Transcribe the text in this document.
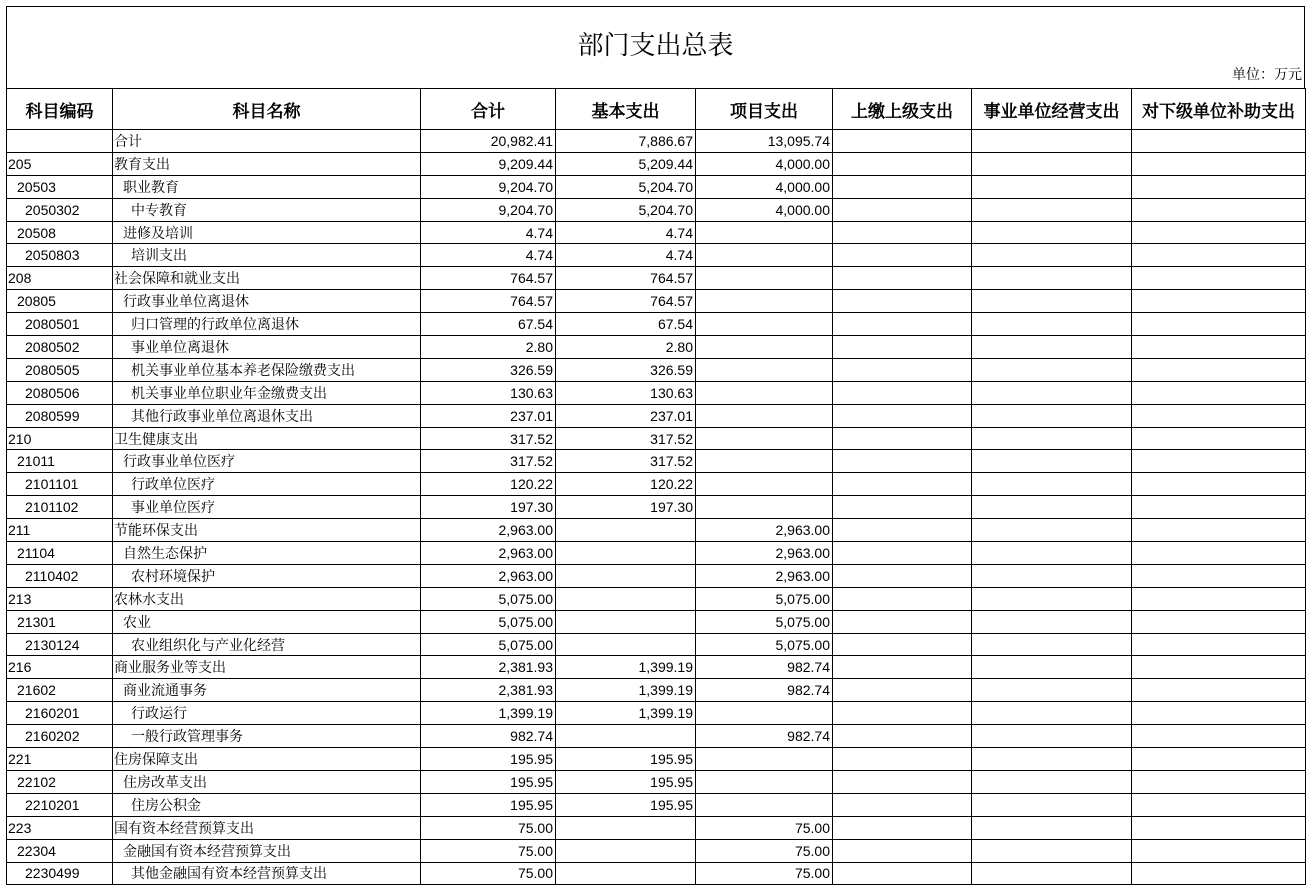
部门支出总表
单位：万元
科目编码	科目名称	合计	基本支出	项目支出	上缴上级支出	事业单位经营支出	对下级单位补助支出
	合计	20,982.41	7,886.67	13,095.74			
205	教育支出	9,209.44	5,209.44	4,000.00			
20503	职业教育	9,204.70	5,204.70	4,000.00			
2050302	中专教育	9,204.70	5,204.70	4,000.00			
20508	进修及培训	4.74	4.74				
2050803	培训支出	4.74	4.74				
208	社会保障和就业支出	764.57	764.57				
20805	行政事业单位离退休	764.57	764.57				
2080501	归口管理的行政单位离退休	67.54	67.54				
2080502	事业单位离退休	2.80	2.80				
2080505	机关事业单位基本养老保险缴费支出	326.59	326.59				
2080506	机关事业单位职业年金缴费支出	130.63	130.63				
2080599	其他行政事业单位离退休支出	237.01	237.01				
210	卫生健康支出	317.52	317.52				
21011	行政事业单位医疗	317.52	317.52				
2101101	行政单位医疗	120.22	120.22				
2101102	事业单位医疗	197.30	197.30				
211	节能环保支出	2,963.00		2,963.00			
21104	自然生态保护	2,963.00		2,963.00			
2110402	农村环境保护	2,963.00		2,963.00			
213	农林水支出	5,075.00		5,075.00			
21301	农业	5,075.00		5,075.00			
2130124	农业组织化与产业化经营	5,075.00		5,075.00			
216	商业服务业等支出	2,381.93	1,399.19	982.74			
21602	商业流通事务	2,381.93	1,399.19	982.74			
2160201	行政运行	1,399.19	1,399.19				
2160202	一般行政管理事务	982.74		982.74			
221	住房保障支出	195.95	195.95				
22102	住房改革支出	195.95	195.95				
2210201	住房公积金	195.95	195.95				
223	国有资本经营预算支出	75.00		75.00			
22304	金融国有资本经营预算支出	75.00		75.00			
2230499	其他金融国有资本经营预算支出	75.00		75.00			
